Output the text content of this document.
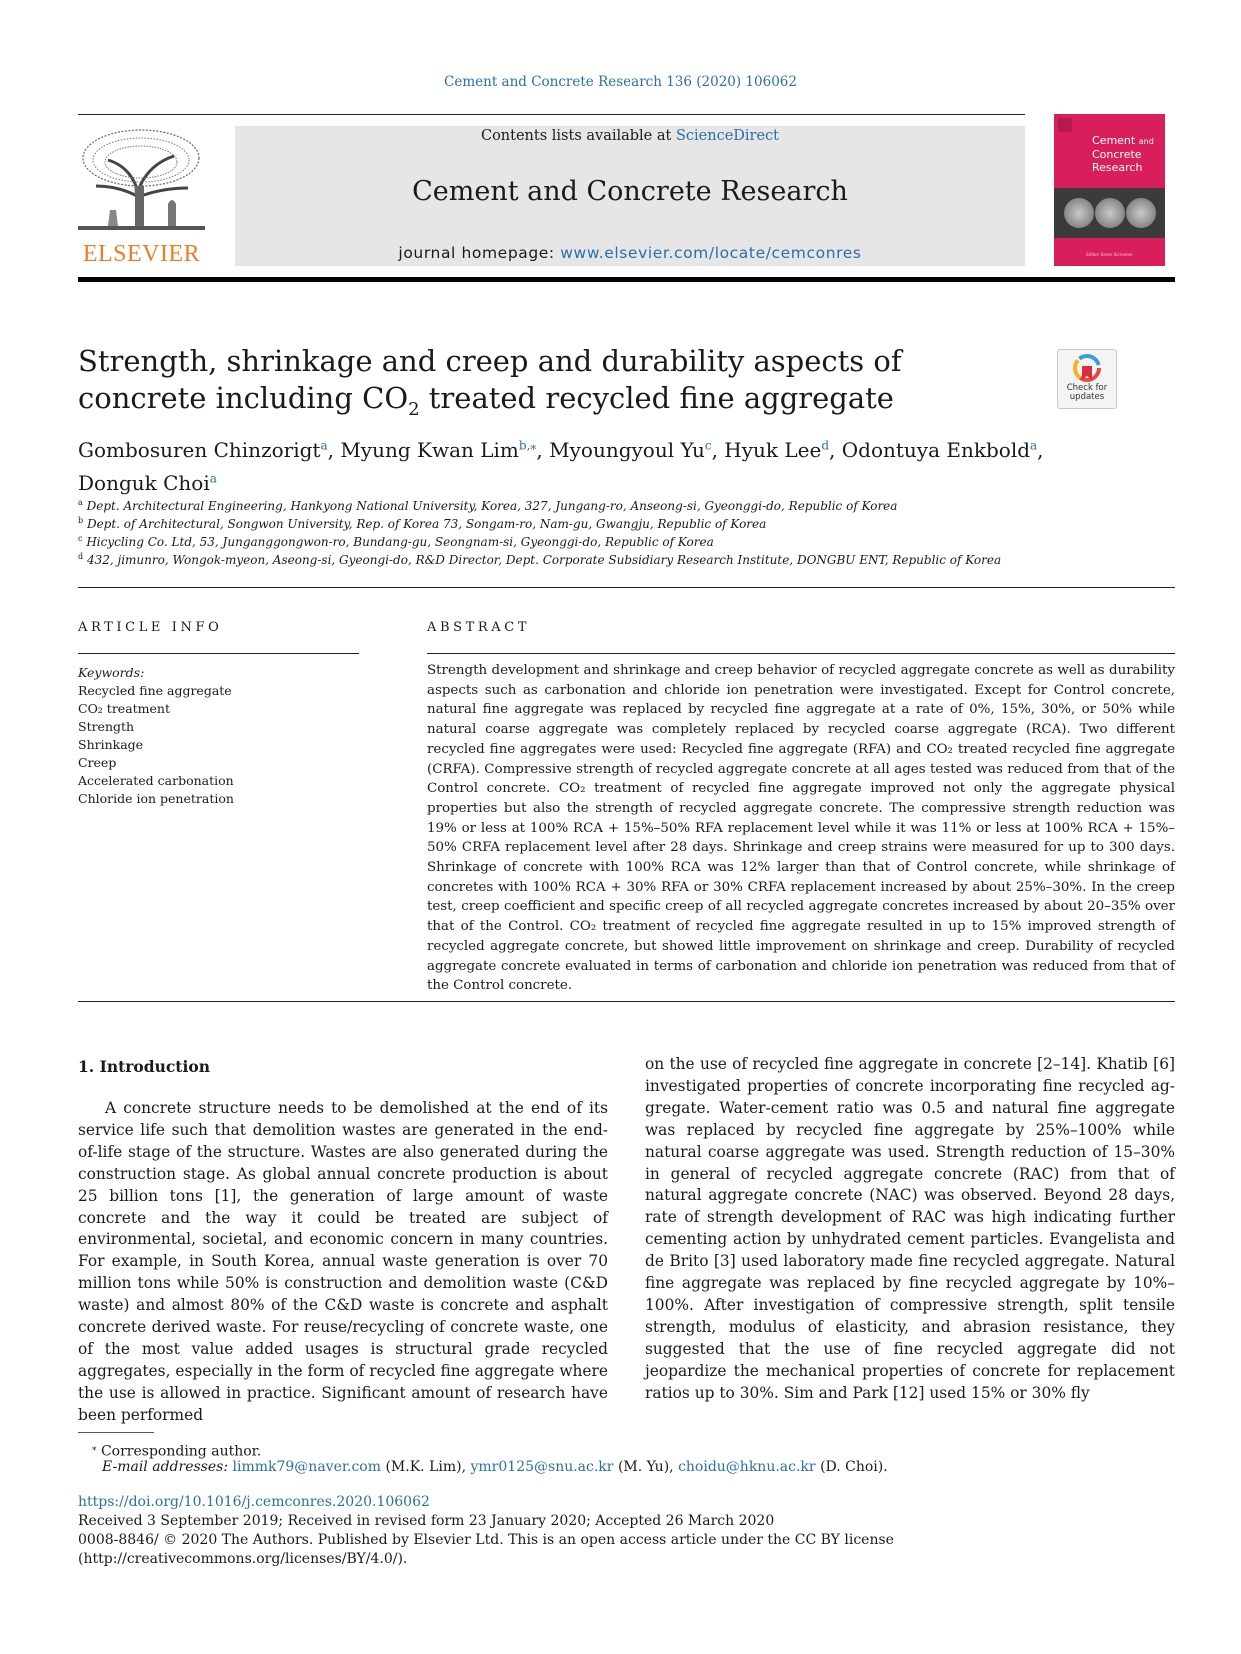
Cement and Concrete Research 136 (2020) 106062
ELSEVIER
Contents lists available at ScienceDirect
Cement and Concrete Research
journal homepage: www.elsevier.com/locate/cemconres
Cement and
Concrete
Research
Editor: Karen Scrivener
Strength, shrinkage and creep and durability aspects of concrete including $CO_2$ treated recycled fine aggregate	Check for
updates
Gombosuren Chinzorigt$^a$, Myung Kwan Lim$^{b,⁎}$, Myoungyoul Yu$^c$, Hyuk Lee$^d$, Odontuya Enkbold$^a$,
Donguk Choi$^a$
$^a$ Dept. Architectural Engineering, Hankyong National University, Korea, 327, Jungang-ro, Anseong-si, Gyeonggi-do, Republic of Korea
$^b$ Dept. of Architectural, Songwon University, Rep. of Korea 73, Songam-ro, Nam-gu, Gwangju, Republic of Korea
$^c$ Hicycling Co. Ltd, 53, Junganggongwon-ro, Bundang-gu, Seongnam-si, Gyeonggi-do, Republic of Korea
$^d$ 432, jimunro, Wongok-myeon, Aseong-si, Gyeongi-do, R&D Director, Dept. Corporate Subsidiary Research Institute, DONGBU ENT, Republic of Korea
ARTICLE INFO
Keywords:
Recycled fine aggregate
CO₂ treatment
Strength
Shrinkage
Creep
Accelerated carbonation
Chloride ion penetration
ABSTRACT
Strength development and shrinkage and creep behavior of recycled aggregate concrete as well as durability aspects such as carbonation and chloride ion penetration were investigated. Except for Control concrete, natural fine aggregate was replaced by recycled fine aggregate at a rate of 0%, 15%, 30%, or 50% while natural coarse aggregate was completely replaced by recycled coarse aggregate (RCA). Two different recycled fine aggregates were used: Recycled fine aggregate (RFA) and CO₂ treated recycled fine aggregate (CRFA). Compressive strength of recycled aggregate concrete at all ages tested was reduced from that of the Control concrete. CO₂ treatment of recycled fine aggregate improved not only the aggregate physical properties but also the strength of recycled aggregate concrete. The compressive strength reduction was 19% or less at 100% RCA + 15%–50% RFA replacement level while it was 11% or less at 100% RCA + 15%–50% CRFA replacement level after 28 days. Shrinkage and creep strains were measured for up to 300 days. Shrinkage of concrete with 100% RCA was 12% larger than that of Control concrete, while shrinkage of concretes with 100% RCA + 30% RFA or 30% CRFA replacement increased by about 25%–30%. In the creep test, creep coefficient and specific creep of all recycled aggregate concretes increased by about 20–35% over that of the Control. CO₂ treatment of recycled fine aggregate resulted in up to 15% improved strength of recycled aggregate concrete, but showed little improvement on shrinkage and creep. Durability of recycled aggregate concrete evaluated in terms of carbonation and chloride ion penetration was reduced from that of the Control concrete.
1. Introduction
A concrete structure needs to be demolished at the end of its service life such that demolition wastes are generated in the end-of-life stage of the structure. Wastes are also generated during the construction stage. As global annual concrete production is about 25 billion tons [1], the generation of large amount of waste concrete and the way it could be treated are subject of environmental, societal, and economic concern in many countries. For example, in South Korea, annual waste generation is over 70 million tons while 50% is construction and demolition waste (C&D waste) and almost 80% of the C&D waste is concrete and asphalt concrete derived waste. For reuse/recycling of concrete waste, one of the most value added usages is structural grade recycled aggregates, especially in the form of recycled fine aggregate where the use is allowed in practice. Significant amount of research have been performed
on the use of recycled fine aggregate in concrete [2–14]. Khatib [6] investigated properties of concrete incorporating fine recycled aggregate. Water-cement ratio was 0.5 and natural fine aggregate was replaced by recycled fine aggregate by 25%–100% while natural coarse aggregate was used. Strength reduction of 15–30% in general of recycled aggregate concrete (RAC) from that of natural aggregate concrete (NAC) was observed. Beyond 28 days, rate of strength development of RAC was high indicating further cementing action by unhydrated cement particles. Evangelista and de Brito [3] used laboratory made fine recycled aggregate. Natural fine aggregate was replaced by fine recycled aggregate by 10%–100%. After investigation of compressive strength, split tensile strength, modulus of elasticity, and abrasion resistance, they suggested that the use of fine recycled aggregate did not jeopardize the mechanical properties of concrete for replacement ratios up to 30%. Sim and Park [12] used 15% or 30% fly
⁎ Corresponding author.
E-mail addresses: limmk79@naver.com (M.K. Lim), ymr0125@snu.ac.kr (M. Yu), choidu@hknu.ac.kr (D. Choi).
https://doi.org/10.1016/j.cemconres.2020.106062
Received 3 September 2019; Received in revised form 23 January 2020; Accepted 26 March 2020
0008-8846/ © 2020 The Authors. Published by Elsevier Ltd. This is an open access article under the CC BY license
(http://creativecommons.org/licenses/BY/4.0/).
